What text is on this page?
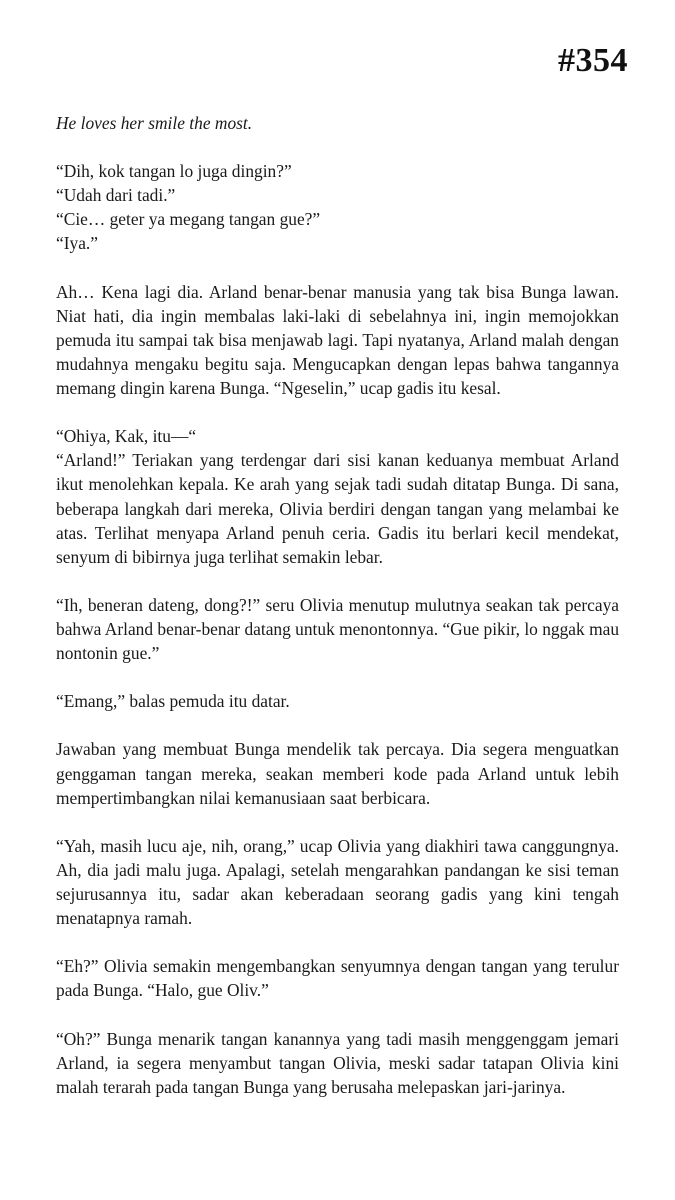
#354

He loves her smile the most.

“Dih, kok tangan lo juga dingin?”
“Udah dari tadi.”
“Cie… geter ya megang tangan gue?”
“Iya.”

Ah… Kena lagi dia. Arland benar-benar manusia yang tak bisa Bunga lawan. Niat hati, dia ingin membalas laki-laki di sebelahnya ini, ingin memojokkan pemuda itu sampai tak bisa menjawab lagi. Tapi nyatanya, Arland malah dengan mudahnya mengaku begitu saja. Mengucapkan dengan lepas bahwa tangannya memang dingin karena Bunga. “Ngeselin,” ucap gadis itu kesal.

“Ohiya, Kak, itu—“
“Arland!” Teriakan yang terdengar dari sisi kanan keduanya membuat Arland ikut menolehkan kepala. Ke arah yang sejak tadi sudah ditatap Bunga. Di sana, beberapa langkah dari mereka, Olivia berdiri dengan tangan yang melambai ke atas. Terlihat menyapa Arland penuh ceria. Gadis itu berlari kecil mendekat, senyum di bibirnya juga terlihat semakin lebar.

“Ih, beneran dateng, dong?!” seru Olivia menutup mulutnya seakan tak percaya bahwa Arland benar-benar datang untuk menontonnya. “Gue pikir, lo nggak mau nontonin gue.”

“Emang,” balas pemuda itu datar.

Jawaban yang membuat Bunga mendelik tak percaya. Dia segera menguatkan genggaman tangan mereka, seakan memberi kode pada Arland untuk lebih mempertimbangkan nilai kemanusiaan saat berbicara.

“Yah, masih lucu aje, nih, orang,” ucap Olivia yang diakhiri tawa canggungnya. Ah, dia jadi malu juga. Apalagi, setelah mengarahkan pandangan ke sisi teman sejurusannya itu, sadar akan keberadaan seorang gadis yang kini tengah menatapnya ramah.

“Eh?” Olivia semakin mengembangkan senyumnya dengan tangan yang terulur pada Bunga. “Halo, gue Oliv.”

“Oh?” Bunga menarik tangan kanannya yang tadi masih menggenggam jemari Arland, ia segera menyambut tangan Olivia, meski sadar tatapan Olivia kini malah terarah pada tangan Bunga yang berusaha melepaskan jari-jarinya.
